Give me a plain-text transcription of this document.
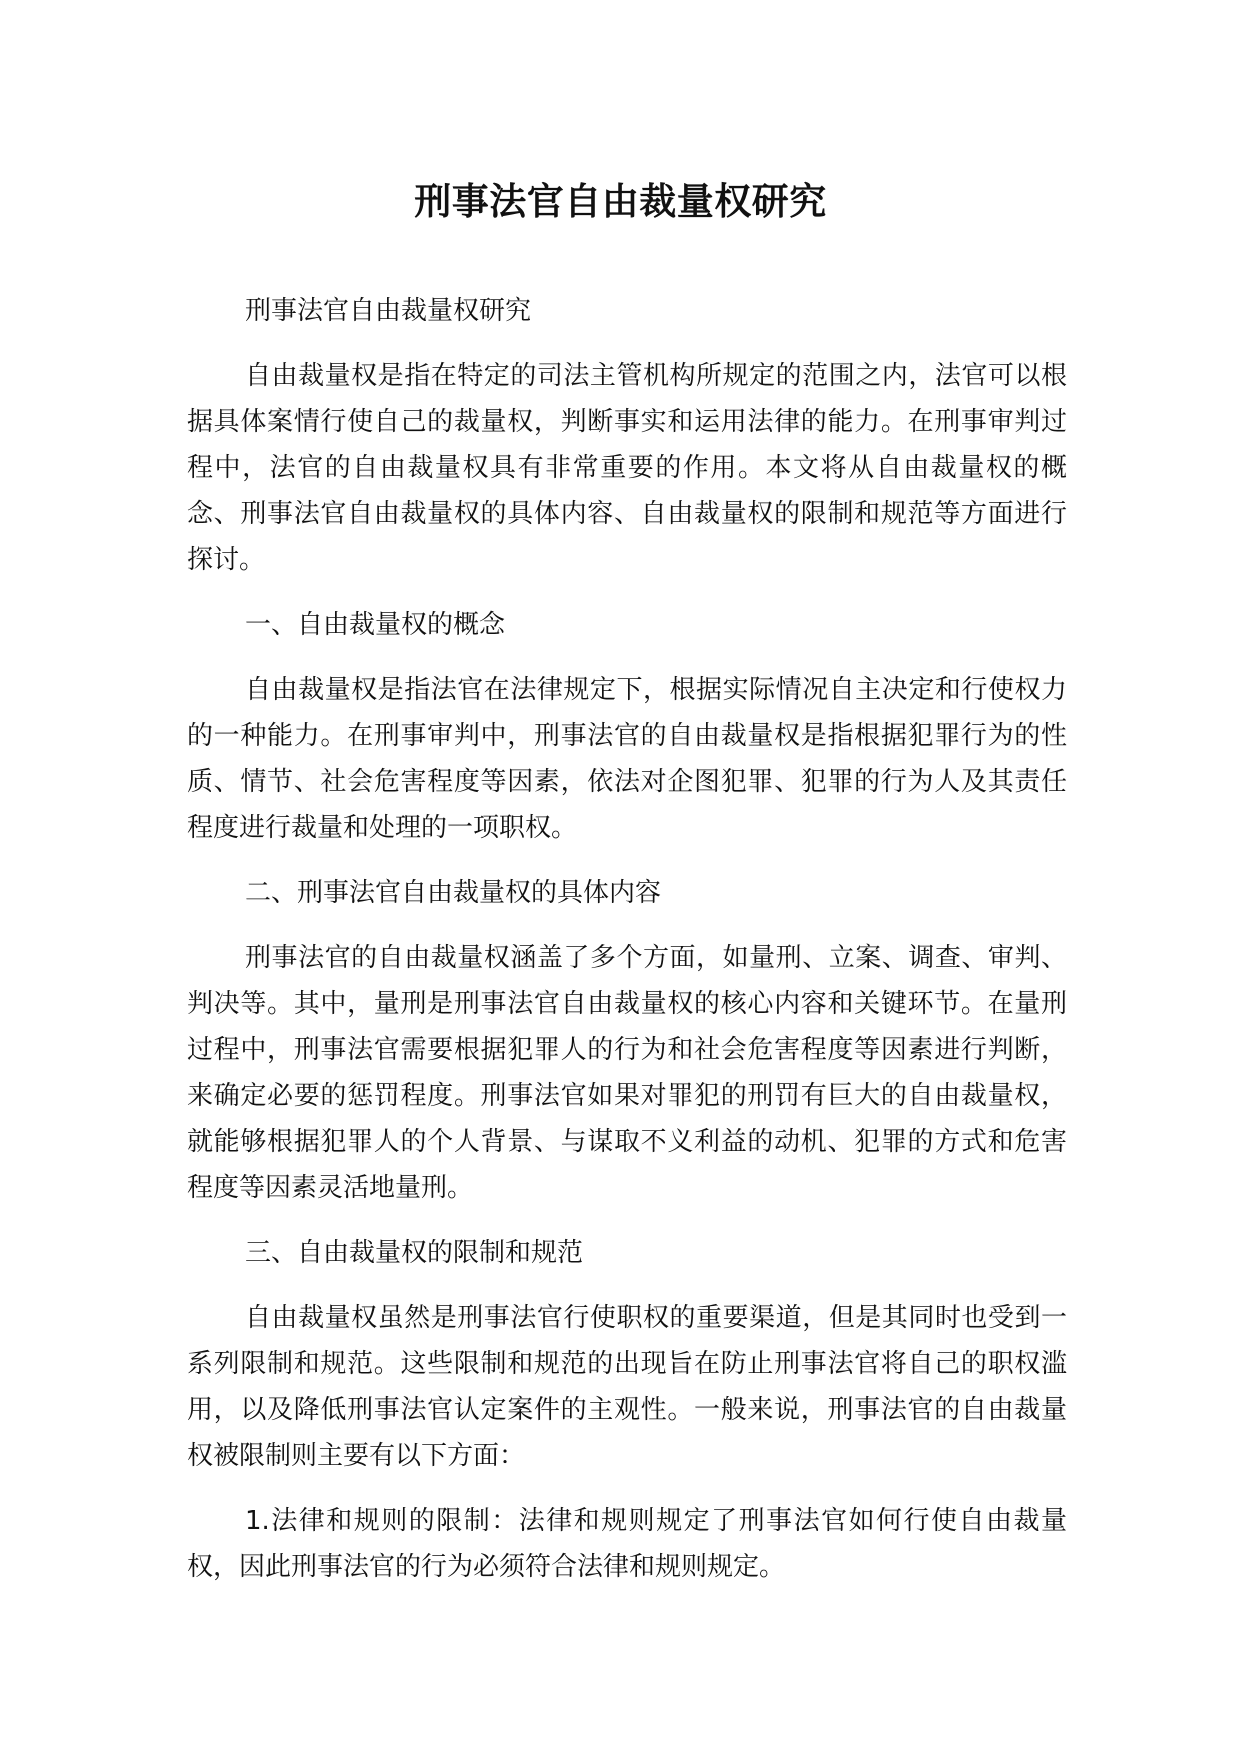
刑事法官自由裁量权研究

刑事法官自由裁量权研究

自由裁量权是指在特定的司法主管机构所规定的范围之内，法官可以根据具体案情行使自己的裁量权，判断事实和运用法律的能力。在刑事审判过程中，法官的自由裁量权具有非常重要的作用。本文将从自由裁量权的概念、刑事法官自由裁量权的具体内容、自由裁量权的限制和规范等方面进行探讨。

一、自由裁量权的概念

自由裁量权是指法官在法律规定下，根据实际情况自主决定和行使权力的一种能力。在刑事审判中，刑事法官的自由裁量权是指根据犯罪行为的性质、情节、社会危害程度等因素，依法对企图犯罪、犯罪的行为人及其责任程度进行裁量和处理的一项职权。

二、刑事法官自由裁量权的具体内容

刑事法官的自由裁量权涵盖了多个方面，如量刑、立案、调查、审判、判决等。其中，量刑是刑事法官自由裁量权的核心内容和关键环节。在量刑过程中，刑事法官需要根据犯罪人的行为和社会危害程度等因素进行判断，来确定必要的惩罚程度。刑事法官如果对罪犯的刑罚有巨大的自由裁量权，就能够根据犯罪人的个人背景、与谋取不义利益的动机、犯罪的方式和危害程度等因素灵活地量刑。

三、自由裁量权的限制和规范

自由裁量权虽然是刑事法官行使职权的重要渠道，但是其同时也受到一系列限制和规范。这些限制和规范的出现旨在防止刑事法官将自己的职权滥用，以及降低刑事法官认定案件的主观性。一般来说，刑事法官的自由裁量权被限制则主要有以下方面：

1.法律和规则的限制：法律和规则规定了刑事法官如何行使自由裁量权，因此刑事法官的行为必须符合法律和规则规定。
